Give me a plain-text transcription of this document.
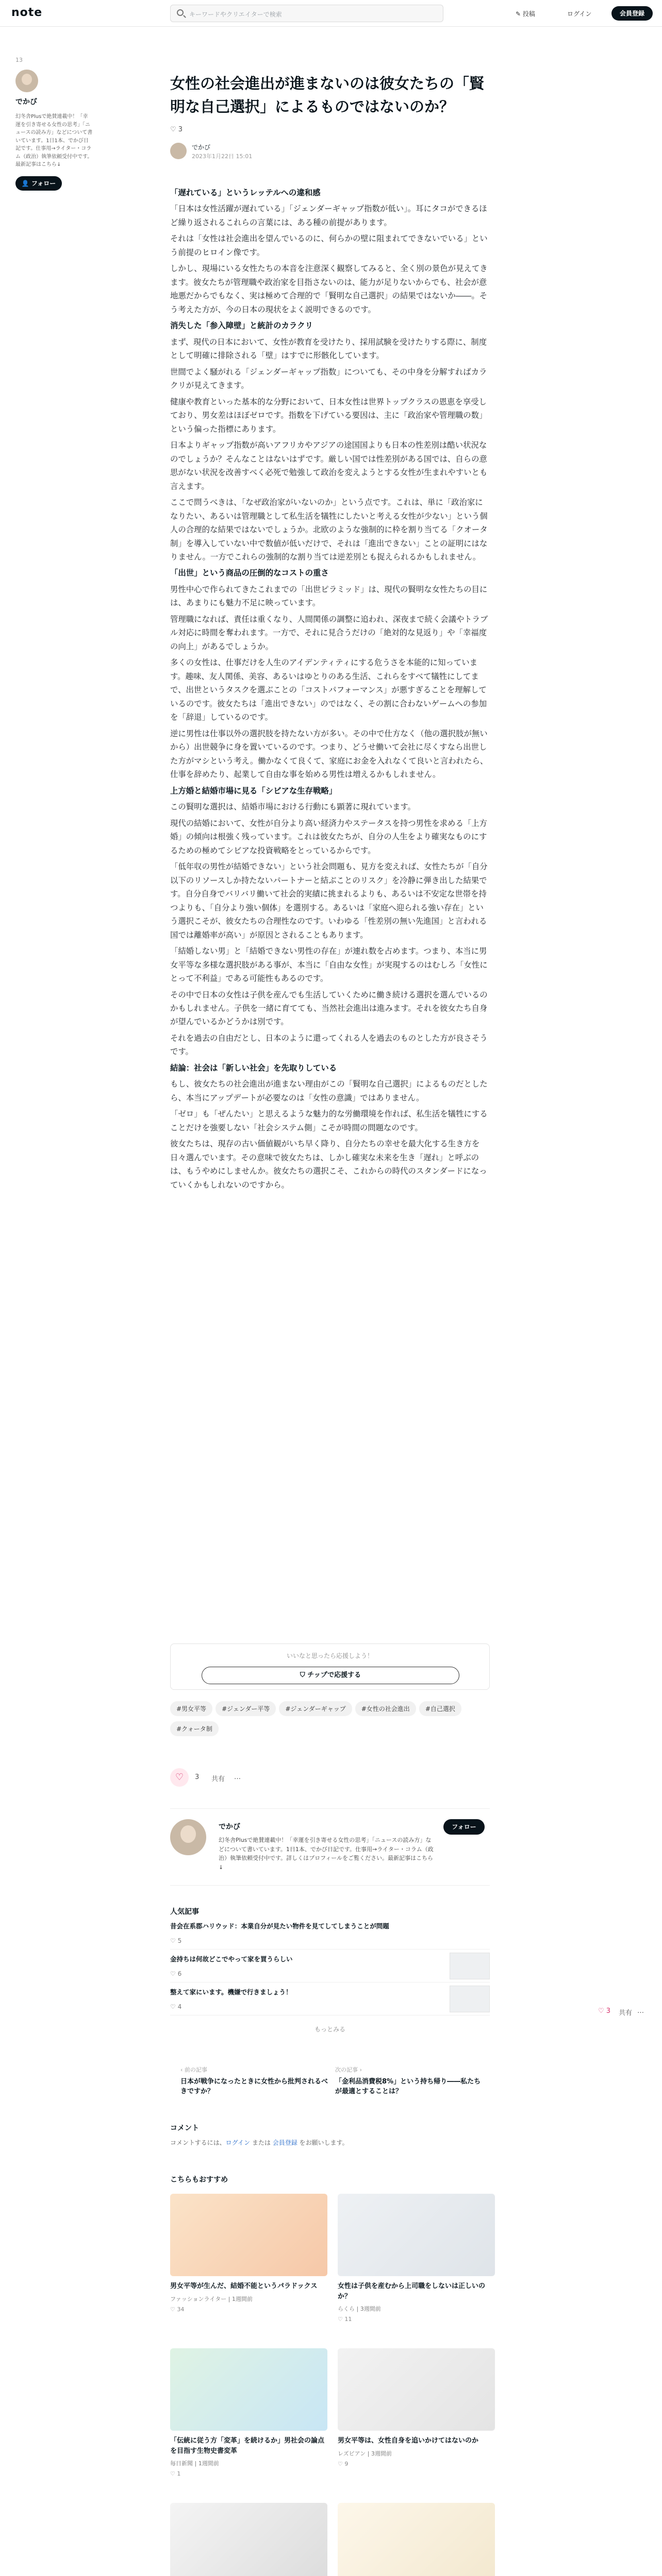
note	キーワードやクリエイターで検索	✎ 投稿	ログイン	会員登録
13
でかび
幻冬舎Plusで絶賛連載中！「幸運を引き寄せる女性の思考」「ニュースの読み方」などについて書いています。1日1本、でかび日記です。仕事用→ライター・コラム（政治）執筆依頼受付中です。最新記事はこちら↓
👤 フォロー
女性の社会進出が進まないのは彼女たちの「賢明な自己選択」によるものではないのか？
♡ 3
でかび
2023年1月22日 15:01

「遅れている」というレッテルへの違和感

「日本は女性活躍が遅れている」「ジェンダーギャップ指数が低い」。耳にタコができるほど繰り返されるこれらの言葉には、ある種の前提があります。

それは「女性は社会進出を望んでいるのに、何らかの壁に阻まれてできないでいる」という前提のヒロイン像です。

しかし、現場にいる女性たちの本音を注意深く観察してみると、全く別の景色が見えてきます。彼女たちが管理職や政治家を目指さないのは、能力が足りないからでも、社会が意地悪だからでもなく、実は極めて合理的で「賢明な自己選択」の結果ではないか――。そう考えた方が、今の日本の現状をよく説明できるのです。

消失した「参入障壁」と統計のカラクリ

まず、現代の日本において、女性が教育を受けたり、採用試験を受けたりする際に、制度として明確に排除される「壁」はすでに形骸化しています。

世間でよく騒がれる「ジェンダーギャップ指数」についても、その中身を分解すればカラクリが見えてきます。

健康や教育といった基本的な分野において、日本女性は世界トップクラスの恩恵を享受しており、男女差はほぼゼロです。指数を下げている要因は、主に「政治家や管理職の数」という偏った指標にあります。

日本よりギャップ指数が高いアフリカやアジアの途国国よりも日本の性差別は酷い状況なのでしょうか？そんなことはないはずです。厳しい国では性差別がある国では、自らの意思がない状況を改善すべく必死で勉強して政治を変えようとする女性が生まれやすいとも言えます。

ここで問うべきは、「なぜ政治家がいないのか」という点です。これは、単に「政治家になりたい、あるいは管理職として私生活を犠牲にしたいと考える女性が少ない」という個人の合理的な結果ではないでしょうか。北欧のような強制的に枠を割り当てる「クオータ制」を導入していない中で数値が低いだけで、それは「進出できない」ことの証明にはなりません。一方でこれらの強制的な割り当ては逆差別とも捉えられるかもしれません。

「出世」という商品の圧倒的なコストの重さ

男性中心で作られてきたこれまでの「出世ピラミッド」は、現代の賢明な女性たちの目には、あまりにも魅力不足に映っています。

管理職になれば、責任は重くなり、人間関係の調整に追われ、深夜まで続く会議やトラブル対応に時間を奪われます。一方で、それに見合うだけの「絶対的な見返り」や「幸福度の向上」があるでしょうか。

多くの女性は、仕事だけを人生のアイデンティティにする危うさを本能的に知っています。趣味、友人関係、美容、あるいはゆとりのある生活、これらをすべて犠牲にしてまで、出世というタスクを選ぶことの「コストパフォーマンス」が悪すぎることを理解しているのです。彼女たちは「進出できない」のではなく、その割に合わないゲームへの参加を「辞退」しているのです。

逆に男性は仕事以外の選択肢を持たない方が多い。その中で仕方なく（他の選択肢が無いから）出世競争に身を置いているのです。つまり、どうせ働いて会社に尽くすなら出世した方がマシという考え。働かなくて良くて、家庭にお金を入れなくて良いと言われたら、仕事を辞めたり、起業して自由な事を始める男性は増えるかもしれません。

上方婚と結婚市場に見る「シビアな生存戦略」

この賢明な選択は、結婚市場における行動にも顕著に現れています。

現代の結婚において、女性が自分より高い経済力やステータスを持つ男性を求める「上方婚」の傾向は根強く残っています。これは彼女たちが、自分の人生をより確実なものにするための極めてシビアな投資戦略をとっているからです。

「低年収の男性が結婚できない」という社会問題も、見方を変えれば、女性たちが「自分以下のリソースしか持たないパートナーと結ぶことのリスク」を冷静に弾き出した結果です。自分自身でバリバリ働いて社会的実績に挑まれるよりも、あるいは不安定な世帯を持つよりも、「自分より強い個体」を選別する。あるいは「家庭へ迎られる強い存在」という選択こそが、彼女たちの合理性なのです。いわゆる「性差別の無い先進国」と言われる国では離婚率が高い」が原因とされることもあります。

「結婚しない男」と「結婚できない男性の存在」が連れ数を占めます。つまり、本当に男女平等な多様な選択肢がある事が、本当に「自由な女性」が実現するのはむしろ「女性にとって不利益」である可能性もあるのです。

その中で日本の女性は子供を産んでも生活していくために働き続ける選択を選んでいるのかもしれません。子供を一緒に育てても、当然社会進出は進みます。それを彼女たち自身が望んでいるかどうかは別です。

それを過去の自由だとし、日本のように還ってくれる人を過去のものとした方が良さそうです。

結論：社会は「新しい社会」を先取りしている

もし、彼女たちの社会進出が進まない理由がこの「賢明な自己選択」によるものだとしたら、本当にアップデートが必要なのは「女性の意識」ではありません。

「ゼロ」も「ぜんたい」と思えるような魅力的な労働環境を作れば、私生活を犠牲にすることだけを強要しない「社会システム側」こそが時間の問題なのです。

彼女たちは、現存の古い価値観がいち早く降り、自分たちの幸せを最大化する生き方を日々選んでいます。その意味で彼女たちは、しかし確実な未来を生き「遅れ」と呼ぶのは、もうやめにしませんか。彼女たちの選択こそ、これからの時代のスタンダードになっていくかもしれないのですから。

いいなと思ったら応援しよう！
⛉ チップで応援する
#男女平等	#ジェンダー平等	#ジェンダーギャップ	#女性の社会進出	#自己選択#クォータ制
♡	3 共有 …
でかび
幻冬舎Plusで絶賛連載中！「幸運を引き寄せる女性の思考」「ニュースの読み方」などについて書いています。1日1本、でかび日記です。仕事用→ライター・コラム（政治）執筆依頼受付中です。詳しくはプロフィールをご覧ください。最新記事はこちら↓
フォロー
人気記事
昔会在系郡ハリウッド：本業自分が見たい物件を見てしてしまうことが問題
♡ 5
金持ちは何故どこでやって家を買うらしい
♡ 6
整えて家にいます。機嫌で行きましょう！
♡ 4
もっとみる
♡ 3 共有 …
‹ 前の記事
日本が戦争になったときに女性から批判されるべきですか？
次の記事 ›
「金利品消費税8%」という持ち帰り――私たちが最適とすることは？
コメント
コメントするには、ログイン または 会員登録 をお願いします。
こちらもおすすめ
男女平等が生んだ、結婚不能というパラドックス
ファッションライター | 1週間前
♡ 34
女性は子供を産むから上司職をしないは正しいのか？
らくら | 3週間前
♡ 11
「伝統に従う方「変革」を続けるか」男社会の論点を目指す生物史書変革
毎日新聞 | 1週間前
♡ 1
男女平等は、女性自身を追いかけてはないのか
レズビアン | 3週間前
♡ 9
